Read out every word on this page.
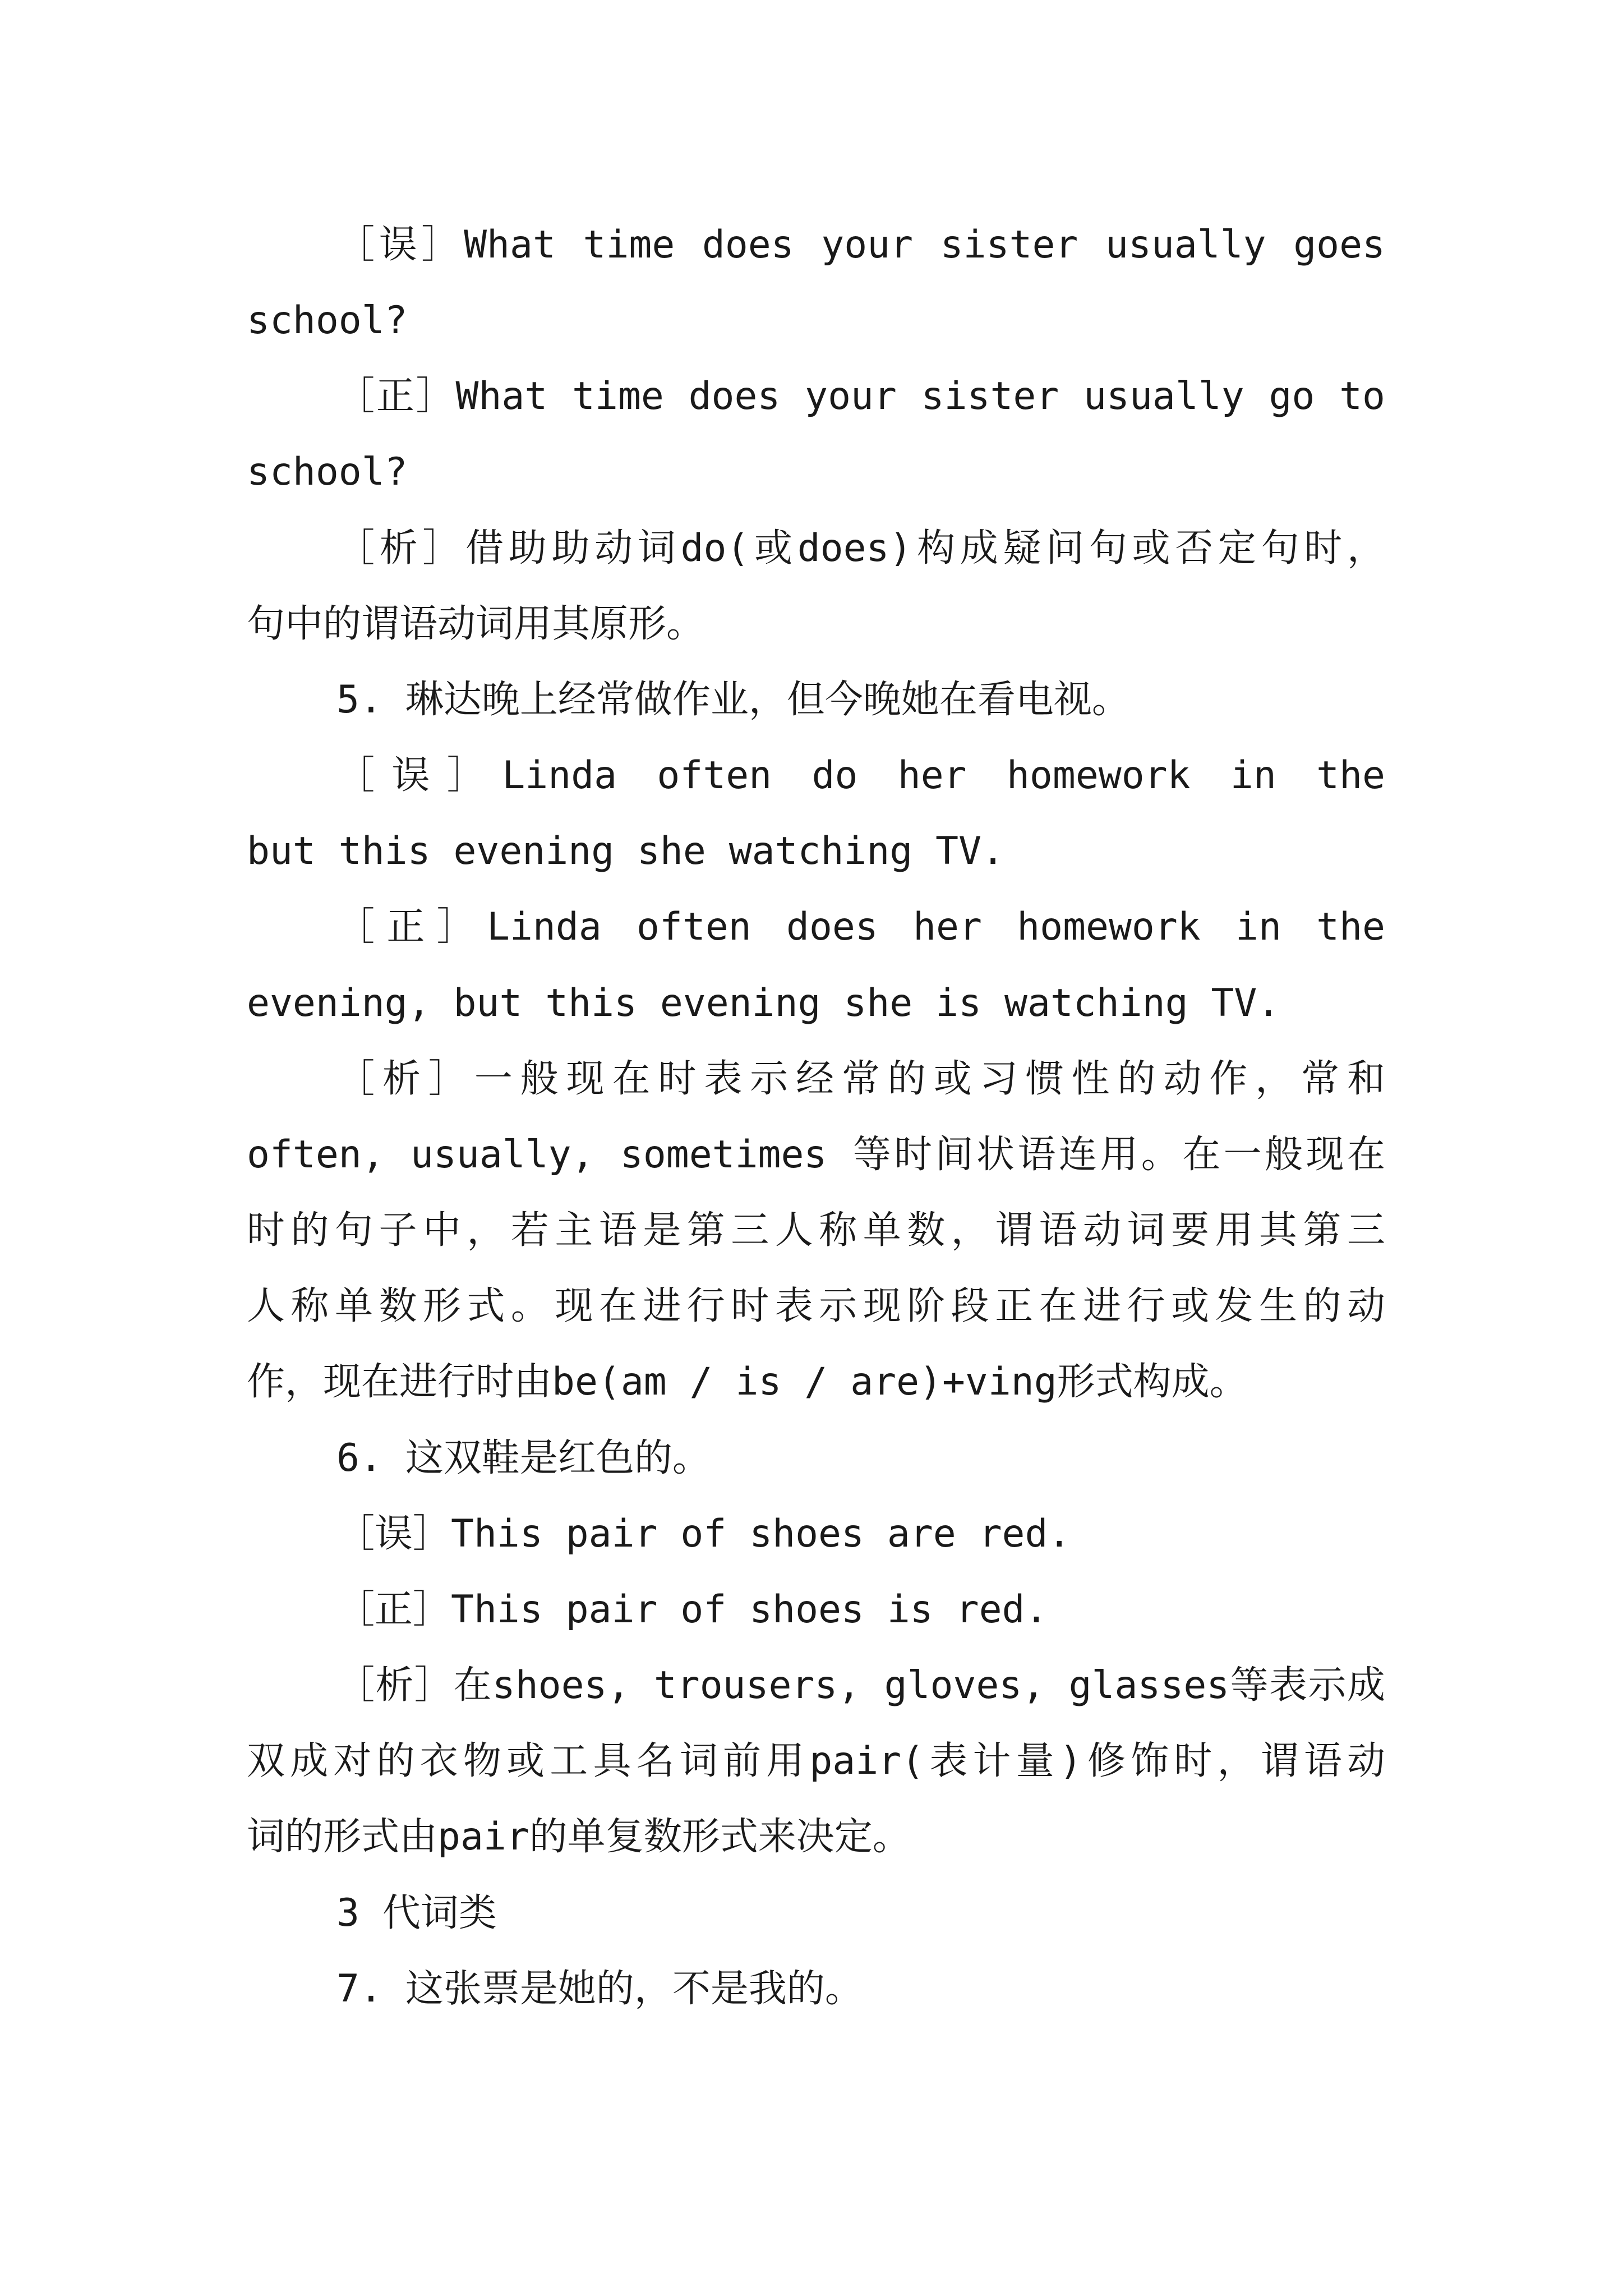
［误］What time does your sister usually goes
school?
［正］What time does your sister usually go to
school?
［析］借助助动词do(或does)构成疑问句或否定句时，
句中的谓语动词用其原形。
5. 琳达晚上经常做作业，但今晚她在看电视。
［误］Linda often do her homework in the
but this evening she watching TV.
［正］Linda often does her homework in the
evening, but this evening she is watching TV.
［析］一般现在时表示经常的或习惯性的动作，常和
often, usually, sometimes 等时间状语连用。在一般现在
时的句子中，若主语是第三人称单数，谓语动词要用其第三
人称单数形式。现在进行时表示现阶段正在进行或发生的动
作，现在进行时由be(am / is / are)+ving形式构成。
6. 这双鞋是红色的。
［误］This pair of shoes are red.
［正］This pair of shoes is red.
［析］在shoes, trousers, gloves, glasses等表示成
双成对的衣物或工具名词前用pair(表计量)修饰时，谓语动
词的形式由pair的单复数形式来决定。
3 代词类
7. 这张票是她的，不是我的。
